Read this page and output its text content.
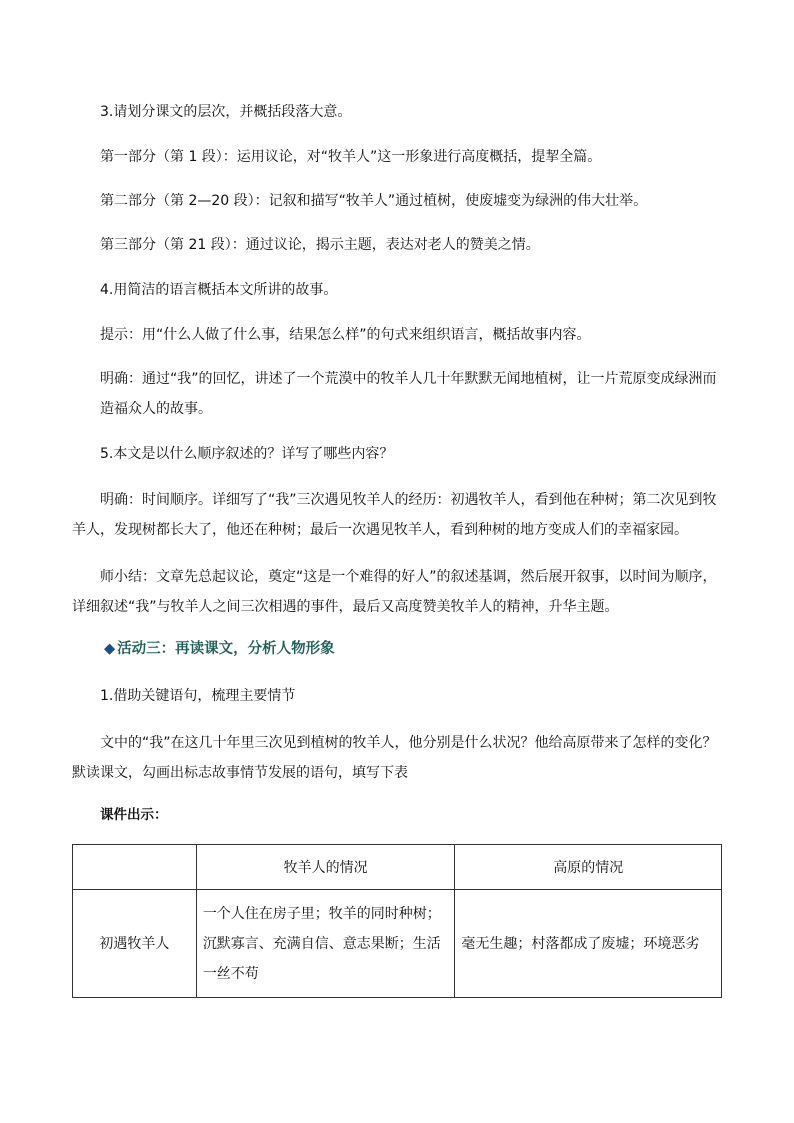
3.请划分课文的层次，并概括段落大意。

第一部分（第 1 段）：运用议论，对“牧羊人”这一形象进行高度概括，提挈全篇。

第二部分（第 2—20 段）：记叙和描写“牧羊人”通过植树，使废墟变为绿洲的伟大壮举。

第三部分（第 21 段）：通过议论，揭示主题，表达对老人的赞美之情。

4.用简洁的语言概括本文所讲的故事。

提示：用“什么人做了什么事，结果怎么样”的句式来组织语言，概括故事内容。

明确：通过“我”的回忆，讲述了一个荒漠中的牧羊人几十年默默无闻地植树，让一片荒原变成绿洲而造福众人的故事。

5.本文是以什么顺序叙述的？详写了哪些内容？

明确：时间顺序。详细写了“我”三次遇见牧羊人的经历：初遇牧羊人，看到他在种树；第二次见到牧羊人，发现树都长大了，他还在种树；最后一次遇见牧羊人，看到种树的地方变成人们的幸福家园。

师小结：文章先总起议论，奠定“这是一个难得的好人”的叙述基调，然后展开叙事，以时间为顺序，详细叙述“我”与牧羊人之间三次相遇的事件，最后又高度赞美牧羊人的精神，升华主题。

◆ 活动三：再读课文，分析人物形象

1.借助关键语句，梳理主要情节

文中的“我”在这几十年里三次见到植树的牧羊人，他分别是什么状况？他给高原带来了怎样的变化？默读课文，勾画出标志故事情节发展的语句，填写下表

课件出示：
	牧羊人的情况	高原的情况

初遇牧羊人	一个人住在房子里；牧羊的同时种树；沉默寡言、充满自信、意志果断；生活一丝不苟	毫无生趣；村落都成了废墟；环境恶劣
